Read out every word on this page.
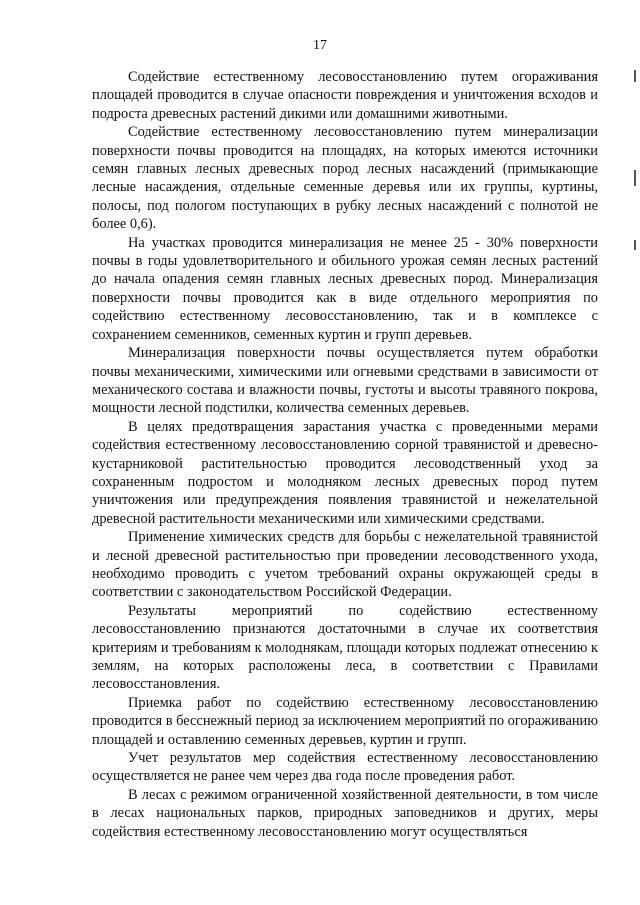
17

Содействие естественному лесовосстановлению путем огораживания площадей проводится в случае опасности повреждения и уничтожения всходов и подроста древесных растений дикими или домашними животными.

Содействие естественному лесовосстановлению путем минерализации поверхности почвы проводится на площадях, на которых имеются источники семян главных лесных древесных пород лесных насаждений (примыкающие лесные насаждения, отдельные семенные деревья или их группы, куртины, полосы, под пологом поступающих в рубку лесных насаждений с полнотой не более 0,6).

На участках проводится минерализация не менее 25 - 30% поверхности почвы в годы удовлетворительного и обильного урожая семян лесных растений до начала опадения семян главных лесных древесных пород. Минерализация поверхности почвы проводится как в виде отдельного мероприятия по содействию естественному лесовосстановлению, так и в комплексе с сохранением семенников, семенных куртин и групп деревьев.

Минерализация поверхности почвы осуществляется путем обработки почвы механическими, химическими или огневыми средствами в зависимости от механического состава и влажности почвы, густоты и высоты травяного покрова, мощности лесной подстилки, количества семенных деревьев.

В целях предотвращения зарастания участка с проведенными мерами содействия естественному лесовосстановлению сорной травянистой и древесно-кустарниковой растительностью проводится лесоводственный уход за сохраненным подростом и молодняком лесных древесных пород путем уничтожения или предупреждения появления травянистой и нежелательной древесной растительности механическими или химическими средствами.

Применение химических средств для борьбы с нежелательной травянистой и лесной древесной растительностью при проведении лесоводственного ухода, необходимо проводить с учетом требований охраны окружающей среды в соответствии с законодательством Российской Федерации.

Результаты мероприятий по содействию естественному лесовосстановлению признаются достаточными в случае их соответствия критериям и требованиям к молоднякам, площади которых подлежат отнесению к землям, на которых расположены леса, в соответствии с Правилами лесовосстановления.

Приемка работ по содействию естественному лесовосстановлению проводится в бесснежный период за исключением мероприятий по огораживанию площадей и оставлению семенных деревьев, куртин и групп.

Учет результатов мер содействия естественному лесовосстановлению осуществляется не ранее чем через два года после проведения работ.

В лесах с режимом ограниченной хозяйственной деятельности, в том числе в лесах национальных парков, природных заповедников и других, меры содействия естественному лесовосстановлению могут осуществляться
